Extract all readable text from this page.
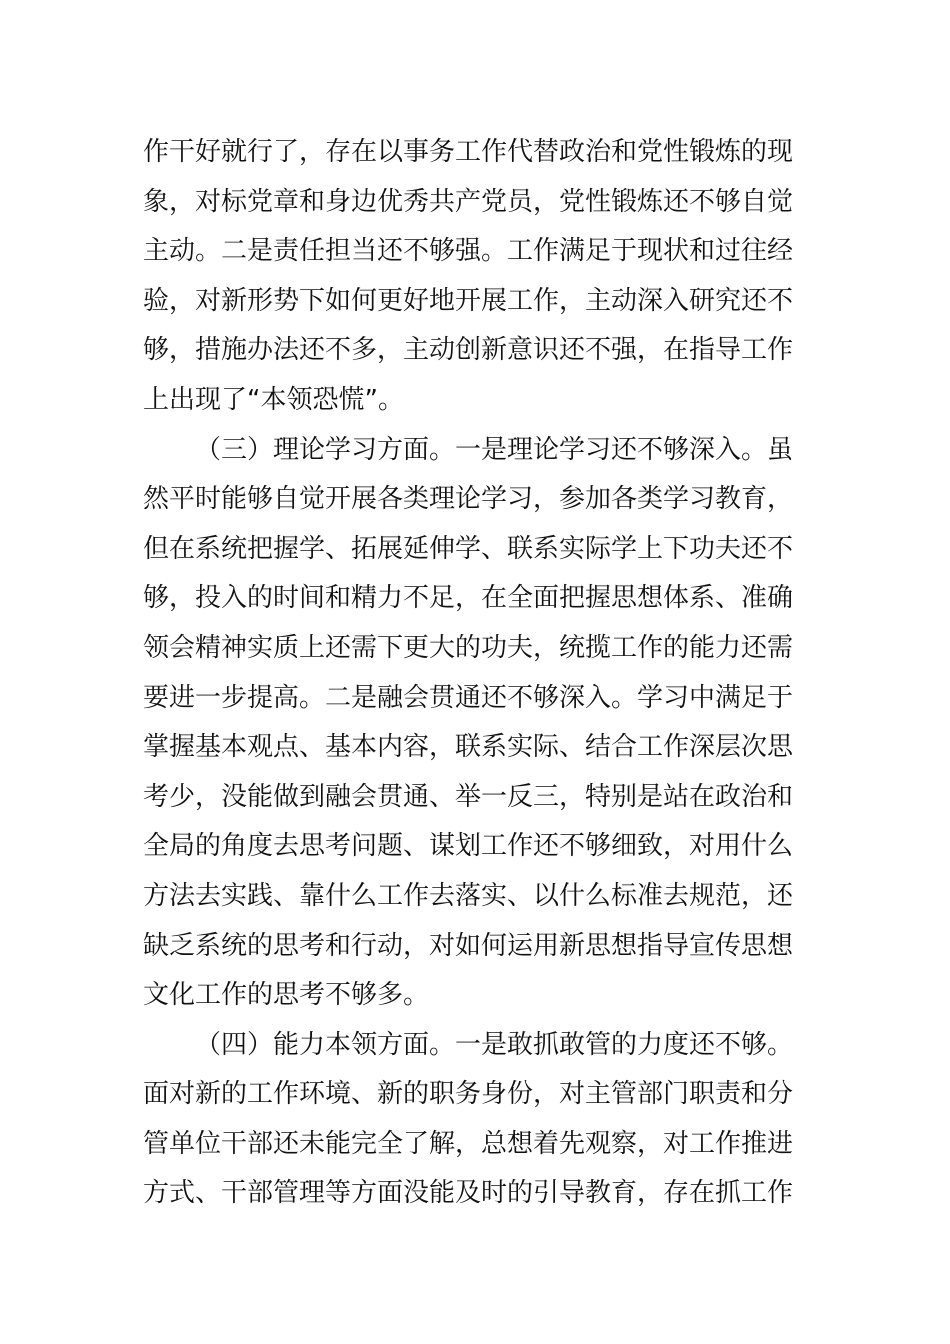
作干好就行了，存在以事务工作代替政治和党性锻炼的现
象，对标党章和身边优秀共产党员，党性锻炼还不够自觉
主动。二是责任担当还不够强。工作满足于现状和过往经
验，对新形势下如何更好地开展工作，主动深入研究还不
够，措施办法还不多，主动创新意识还不强，在指导工作
上出现了“本领恐慌”。
（三）理论学习方面。一是理论学习还不够深入。虽
然平时能够自觉开展各类理论学习，参加各类学习教育，
但在系统把握学、拓展延伸学、联系实际学上下功夫还不
够，投入的时间和精力不足，在全面把握思想体系、准确
领会精神实质上还需下更大的功夫，统揽工作的能力还需
要进一步提高。二是融会贯通还不够深入。学习中满足于
掌握基本观点、基本内容，联系实际、结合工作深层次思
考少，没能做到融会贯通、举一反三，特别是站在政治和
全局的角度去思考问题、谋划工作还不够细致，对用什么
方法去实践、靠什么工作去落实、以什么标准去规范，还
缺乏系统的思考和行动，对如何运用新思想指导宣传思想
文化工作的思考不够多。
（四）能力本领方面。一是敢抓敢管的力度还不够。
面对新的工作环境、新的职务身份，对主管部门职责和分
管单位干部还未能完全了解，总想着先观察，对工作推进
方式、干部管理等方面没能及时的引导教育，存在抓工作
